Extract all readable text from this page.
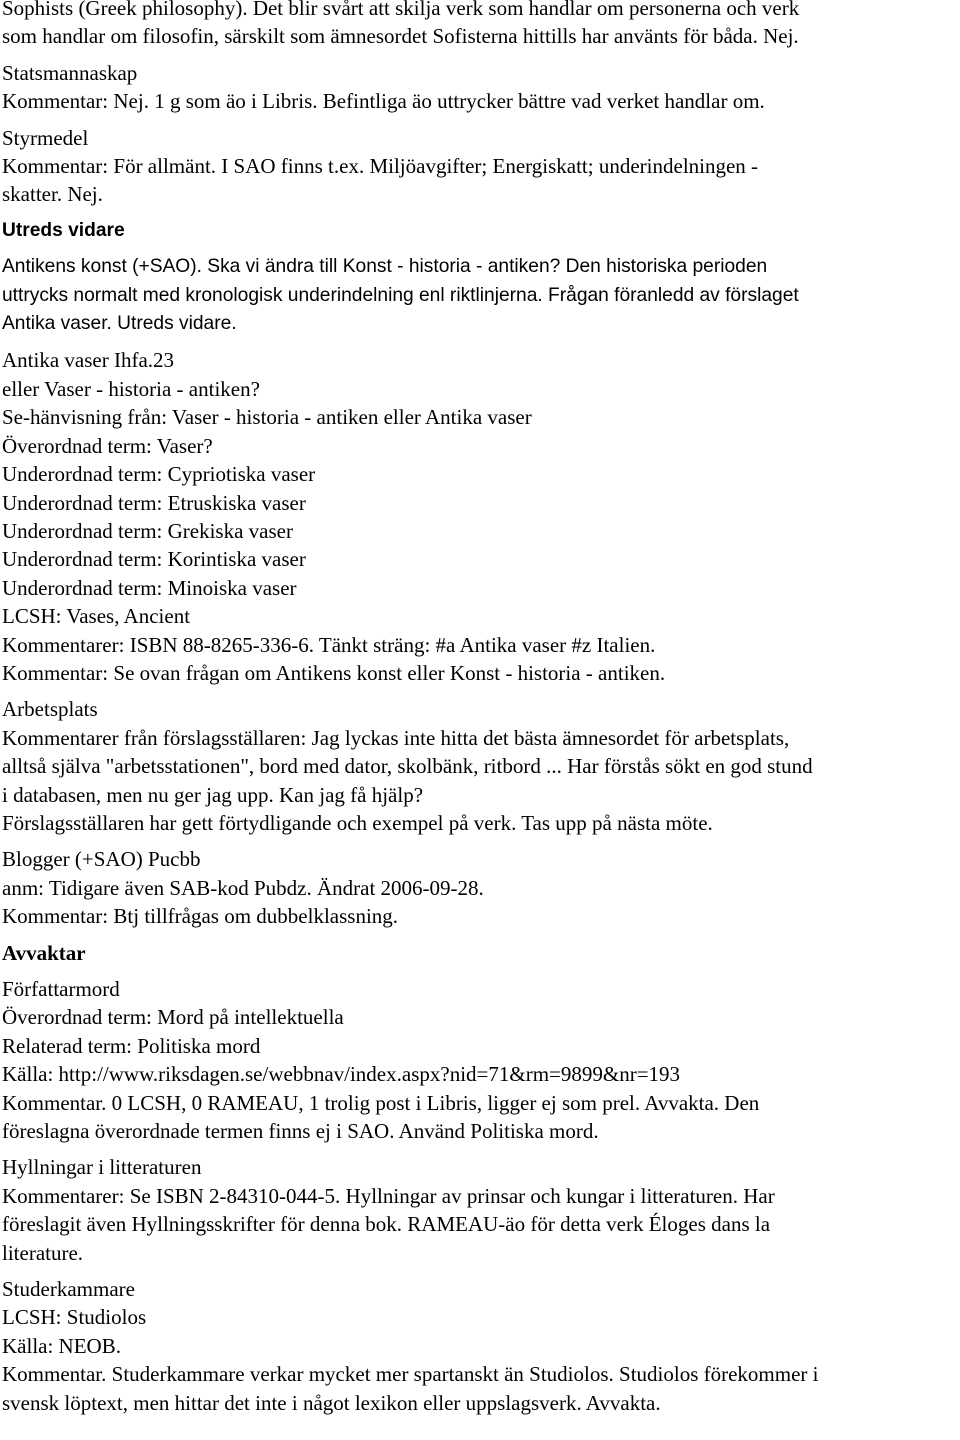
Sophists (Greek philosophy). Det blir svårt att skilja verk som handlar om personerna och verk
som handlar om filosofin, särskilt som ämnesordet Sofisterna hittills har använts för båda. Nej.
Statsmannaskap
Kommentar: Nej. 1 g som äo i Libris. Befintliga äo uttrycker bättre vad verket handlar om.
Styrmedel
Kommentar: För allmänt. I SAO finns t.ex. Miljöavgifter; Energiskatt; underindelningen -
skatter. Nej.
Utreds vidare
Antikens konst (+SAO). Ska vi ändra till Konst - historia - antiken? Den historiska perioden
uttrycks normalt med kronologisk underindelning enl riktlinjerna. Frågan föranledd av förslaget
Antika vaser. Utreds vidare.
Antika vaser Ihfa.23
eller Vaser - historia - antiken?
Se-hänvisning från: Vaser - historia - antiken eller Antika vaser
Överordnad term: Vaser?
Underordnad term: Cypriotiska vaser
Underordnad term: Etruskiska vaser
Underordnad term: Grekiska vaser
Underordnad term: Korintiska vaser
Underordnad term: Minoiska vaser
LCSH: Vases, Ancient
Kommentarer: ISBN 88-8265-336-6. Tänkt sträng: #a Antika vaser #z Italien.
Kommentar: Se ovan frågan om Antikens konst eller Konst - historia - antiken.
Arbetsplats
Kommentarer från förslagsställaren: Jag lyckas inte hitta det bästa ämnesordet för arbetsplats,
alltså själva "arbetsstationen", bord med dator, skolbänk, ritbord ... Har förstås sökt en god stund
i databasen, men nu ger jag upp. Kan jag få hjälp?
Förslagsställaren har gett förtydligande och exempel på verk. Tas upp på nästa möte.
Blogger (+SAO) Pucbb
anm: Tidigare även SAB-kod Pubdz. Ändrat 2006-09-28.
Kommentar: Btj tillfrågas om dubbelklassning.
Avvaktar
Författarmord
Överordnad term: Mord på intellektuella
Relaterad term: Politiska mord
Källa: http://www.riksdagen.se/webbnav/index.aspx?nid=71&rm=9899&nr=193
Kommentar. 0 LCSH, 0 RAMEAU, 1 trolig post i Libris, ligger ej som prel. Avvakta. Den
föreslagna överordnade termen finns ej i SAO. Använd Politiska mord.
Hyllningar i litteraturen
Kommentarer: Se ISBN 2-84310-044-5. Hyllningar av prinsar och kungar i litteraturen. Har
föreslagit även Hyllningsskrifter för denna bok. RAMEAU-äo för detta verk Éloges dans la
literature.
Studerkammare
LCSH: Studiolos
Källa: NEOB.
Kommentar. Studerkammare verkar mycket mer spartanskt än Studiolos. Studiolos förekommer i
svensk löptext, men hittar det inte i något lexikon eller uppslagsverk. Avvakta.
